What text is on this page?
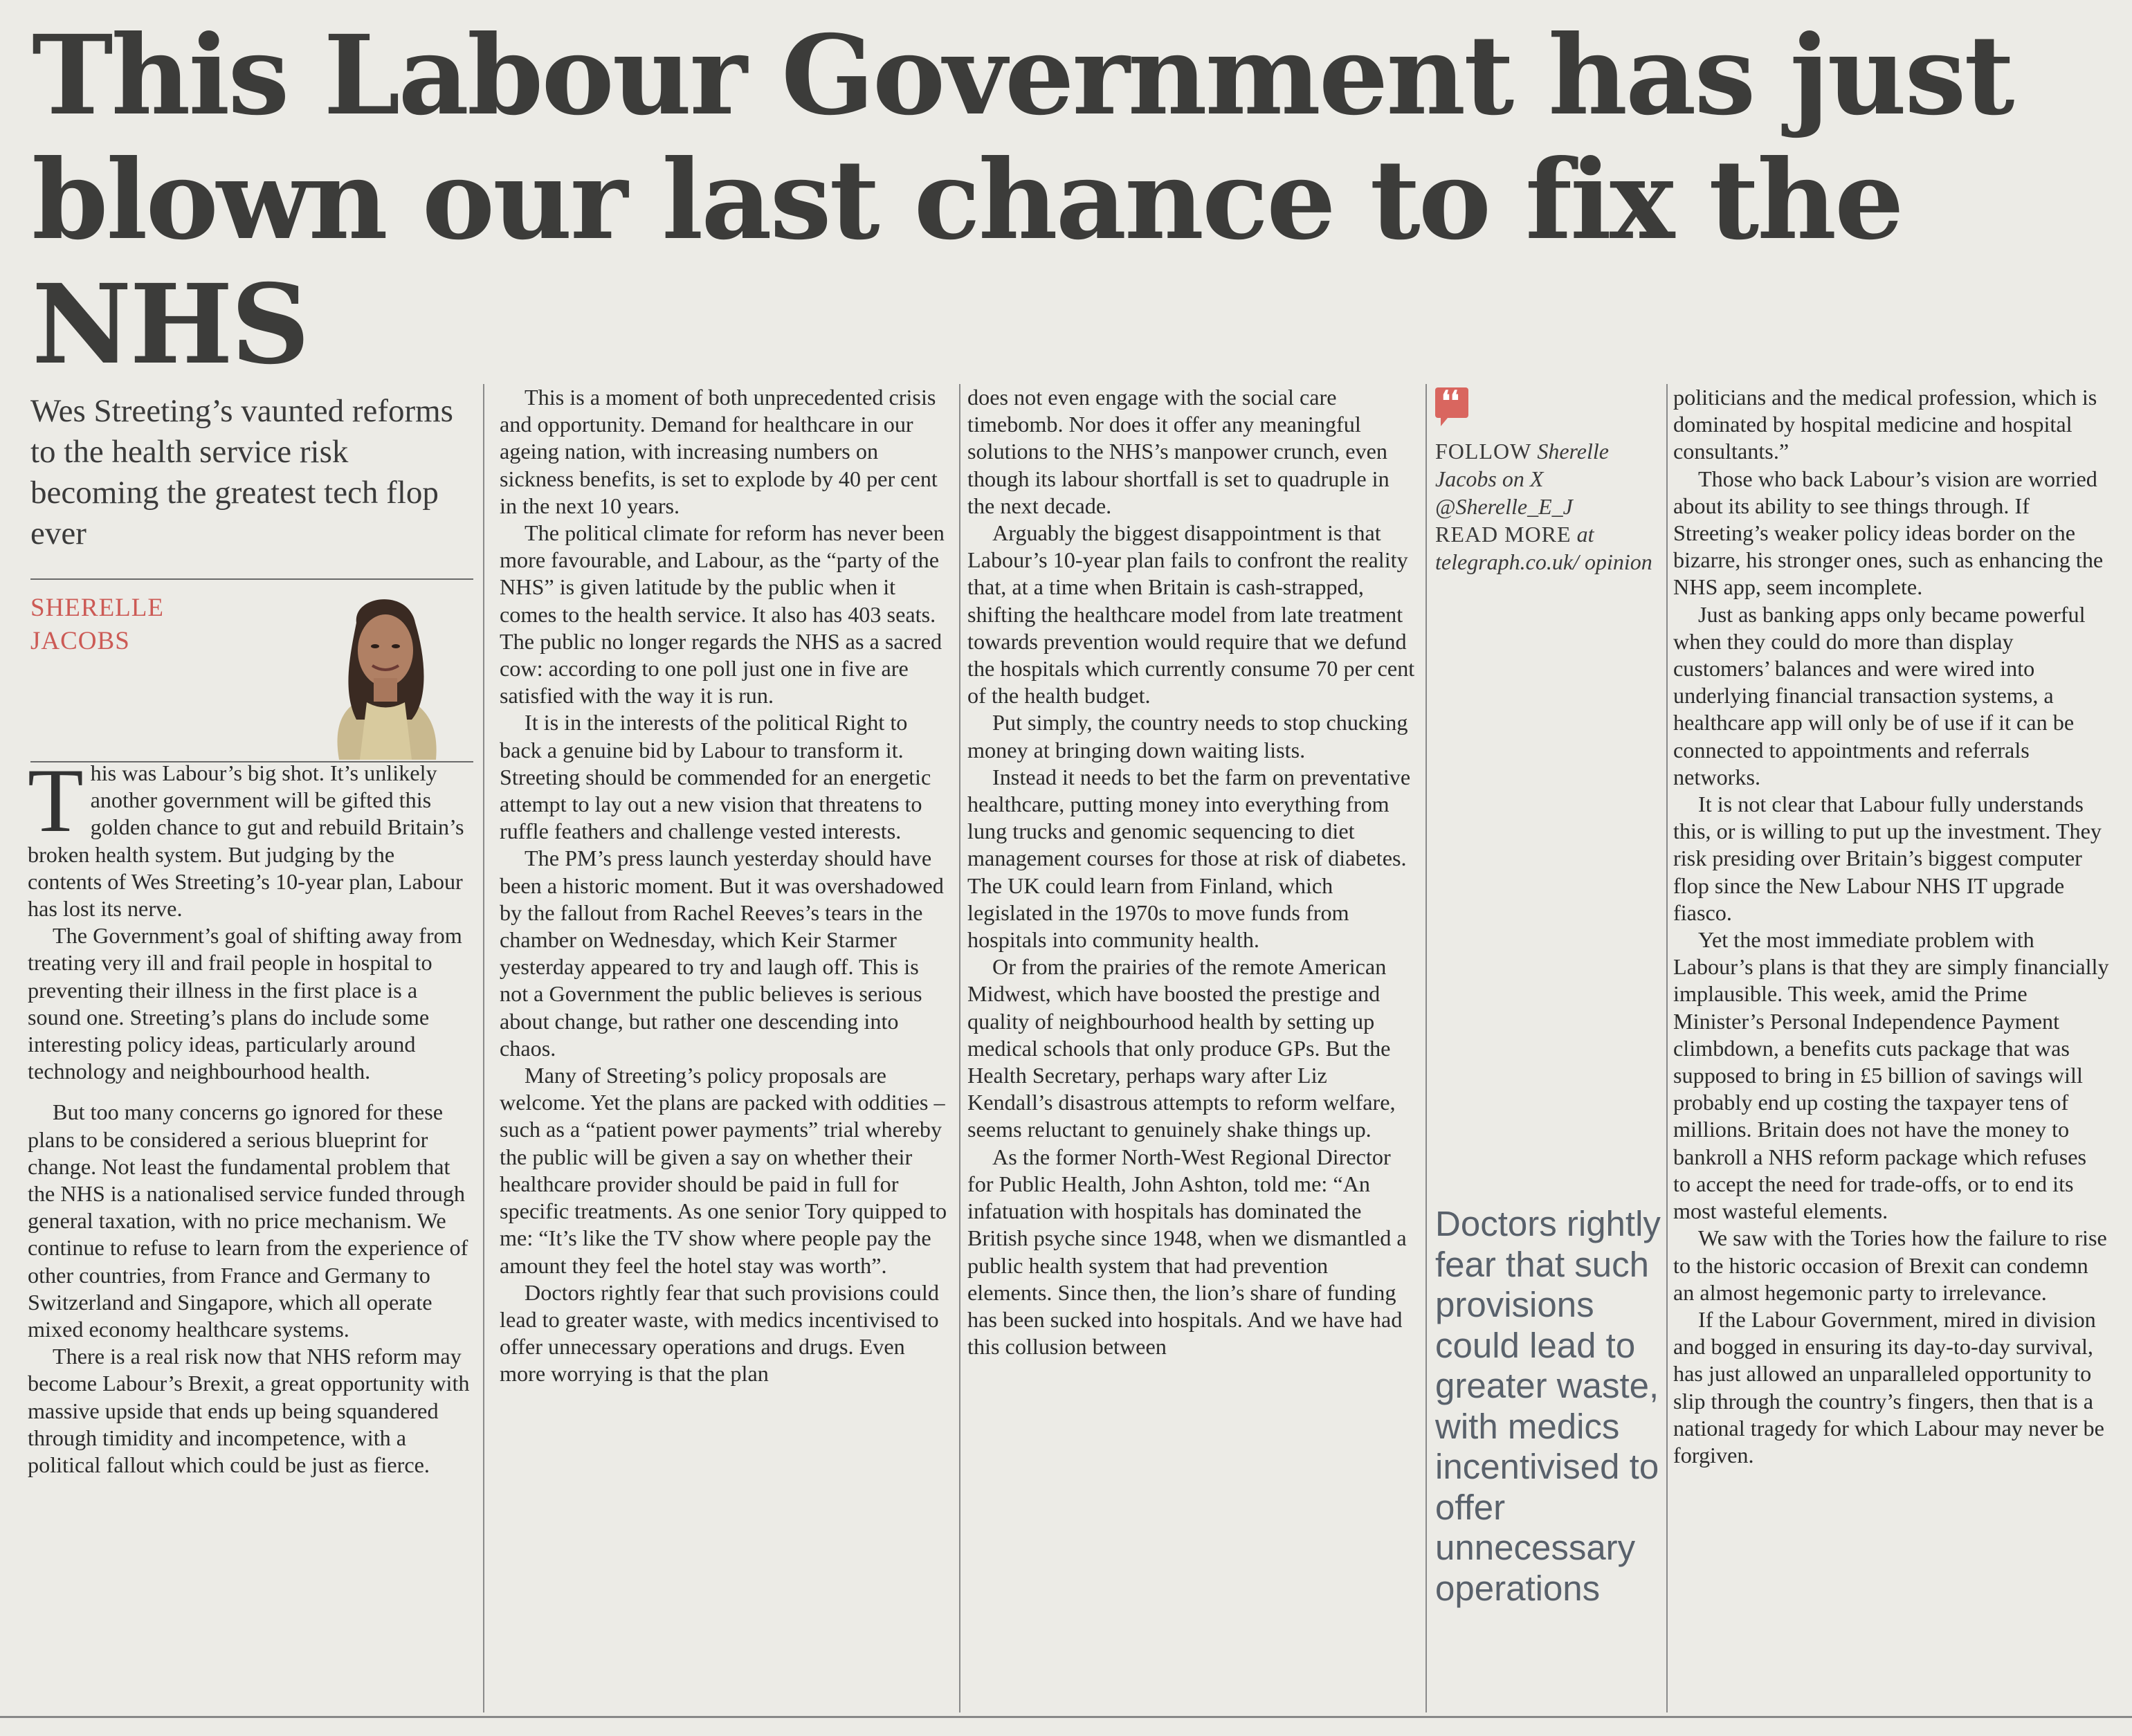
This Labour Government has just blown our last chance to fix the NHS

Wes Streeting’s vaunted reforms to the health service risk becoming the greatest tech flop ever

SHERELLE
JACOBS

This was Labour’s big shot. It’s unlikely another government will be gifted this golden chance to gut and rebuild Britain’s broken health system. But judging by the contents of Wes Streeting’s 10-year plan, Labour has lost its nerve.

The Government’s goal of shifting away from treating very ill and frail people in hospital to preventing their illness in the first place is a sound one. Streeting’s plans do include some interesting policy ideas, particularly around technology and neighbourhood health.

But too many concerns go ignored for these plans to be considered a serious blueprint for change. Not least the fundamental problem that the NHS is a nationalised service funded through general taxation, with no price mechanism. We continue to refuse to learn from the experience of other countries, from France and Germany to Switzerland and Singapore, which all operate mixed economy healthcare systems.

There is a real risk now that NHS reform may become Labour’s Brexit, a great opportunity with massive upside that ends up being squandered through timidity and incompetence, with a political fallout which could be just as fierce.

This is a moment of both unprecedented crisis and opportunity. Demand for healthcare in our ageing nation, with increasing numbers on sickness benefits, is set to explode by 40 per cent in the next 10 years.

The political climate for reform has never been more favourable, and Labour, as the “party of the NHS” is given latitude by the public when it comes to the health service. It also has 403 seats. The public no longer regards the NHS as a sacred cow: according to one poll just one in five are satisfied with the way it is run.

It is in the interests of the political Right to back a genuine bid by Labour to transform it. Streeting should be commended for an energetic attempt to lay out a new vision that threatens to ruffle feathers and challenge vested interests.

The PM’s press launch yesterday should have been a historic moment. But it was overshadowed by the fallout from Rachel Reeves’s tears in the chamber on Wednesday, which Keir Starmer yesterday appeared to try and laugh off. This is not a Government the public believes is serious about change, but rather one descending into chaos.

Many of Streeting’s policy proposals are welcome. Yet the plans are packed with oddities – such as a “patient power payments” trial whereby the public will be given a say on whether their healthcare provider should be paid in full for specific treatments. As one senior Tory quipped to me: “It’s like the TV show where people pay the amount they feel the hotel stay was worth”.

Doctors rightly fear that such provisions could lead to greater waste, with medics incentivised to offer unnecessary operations and drugs. Even more worrying is that the plan

does not even engage with the social care timebomb. Nor does it offer any meaningful solutions to the NHS’s manpower crunch, even though its labour shortfall is set to quadruple in the next decade.

Arguably the biggest disappointment is that Labour’s 10-year plan fails to confront the reality that, at a time when Britain is cash-strapped, shifting the healthcare model from late treatment towards prevention would require that we defund the hospitals which currently consume 70 per cent of the health budget.

Put simply, the country needs to stop chucking money at bringing down waiting lists.

Instead it needs to bet the farm on preventative healthcare, putting money into everything from lung trucks and genomic sequencing to diet management courses for those at risk of diabetes. The UK could learn from Finland, which legislated in the 1970s to move funds from hospitals into community health.

Or from the prairies of the remote American Midwest, which have boosted the prestige and quality of neighbourhood health by setting up medical schools that only produce GPs. But the Health Secretary, perhaps wary after Liz Kendall’s disastrous attempts to reform welfare, seems reluctant to genuinely shake things up.

As the former North-West Regional Director for Public Health, John Ashton, told me: “An infatuation with hospitals has dominated the British psyche since 1948, when we dismantled a public health system that had prevention elements. Since then, the lion’s share of funding has been sucked into hospitals. And we have had this collusion between

❛❛

FOLLOW Sherelle Jacobs on X @Sherelle_E_J
READ MORE at telegraph.co.uk/ opinion

Doctors rightly fear that such provisions could lead to greater waste, with medics incentivised to offer unnecessary operations

politicians and the medical profession, which is dominated by hospital medicine and hospital consultants.”

Those who back Labour’s vision are worried about its ability to see things through. If Streeting’s weaker policy ideas border on the bizarre, his stronger ones, such as enhancing the NHS app, seem incomplete.

Just as banking apps only became powerful when they could do more than display customers’ balances and were wired into underlying financial transaction systems, a healthcare app will only be of use if it can be connected to appointments and referrals networks.

It is not clear that Labour fully understands this, or is willing to put up the investment. They risk presiding over Britain’s biggest computer flop since the New Labour NHS IT upgrade fiasco.

Yet the most immediate problem with Labour’s plans is that they are simply financially implausible. This week, amid the Prime Minister’s Personal Independence Payment climbdown, a benefits cuts package that was supposed to bring in £5 billion of savings will probably end up costing the taxpayer tens of millions. Britain does not have the money to bankroll a NHS reform package which refuses to accept the need for trade-offs, or to end its most wasteful elements.

We saw with the Tories how the failure to rise to the historic occasion of Brexit can condemn an almost hegemonic party to irrelevance.

If the Labour Government, mired in division and bogged in ensuring its day-to-day survival, has just allowed an unparalleled opportunity to slip through the country’s fingers, then that is a national tragedy for which Labour may never be forgiven.
